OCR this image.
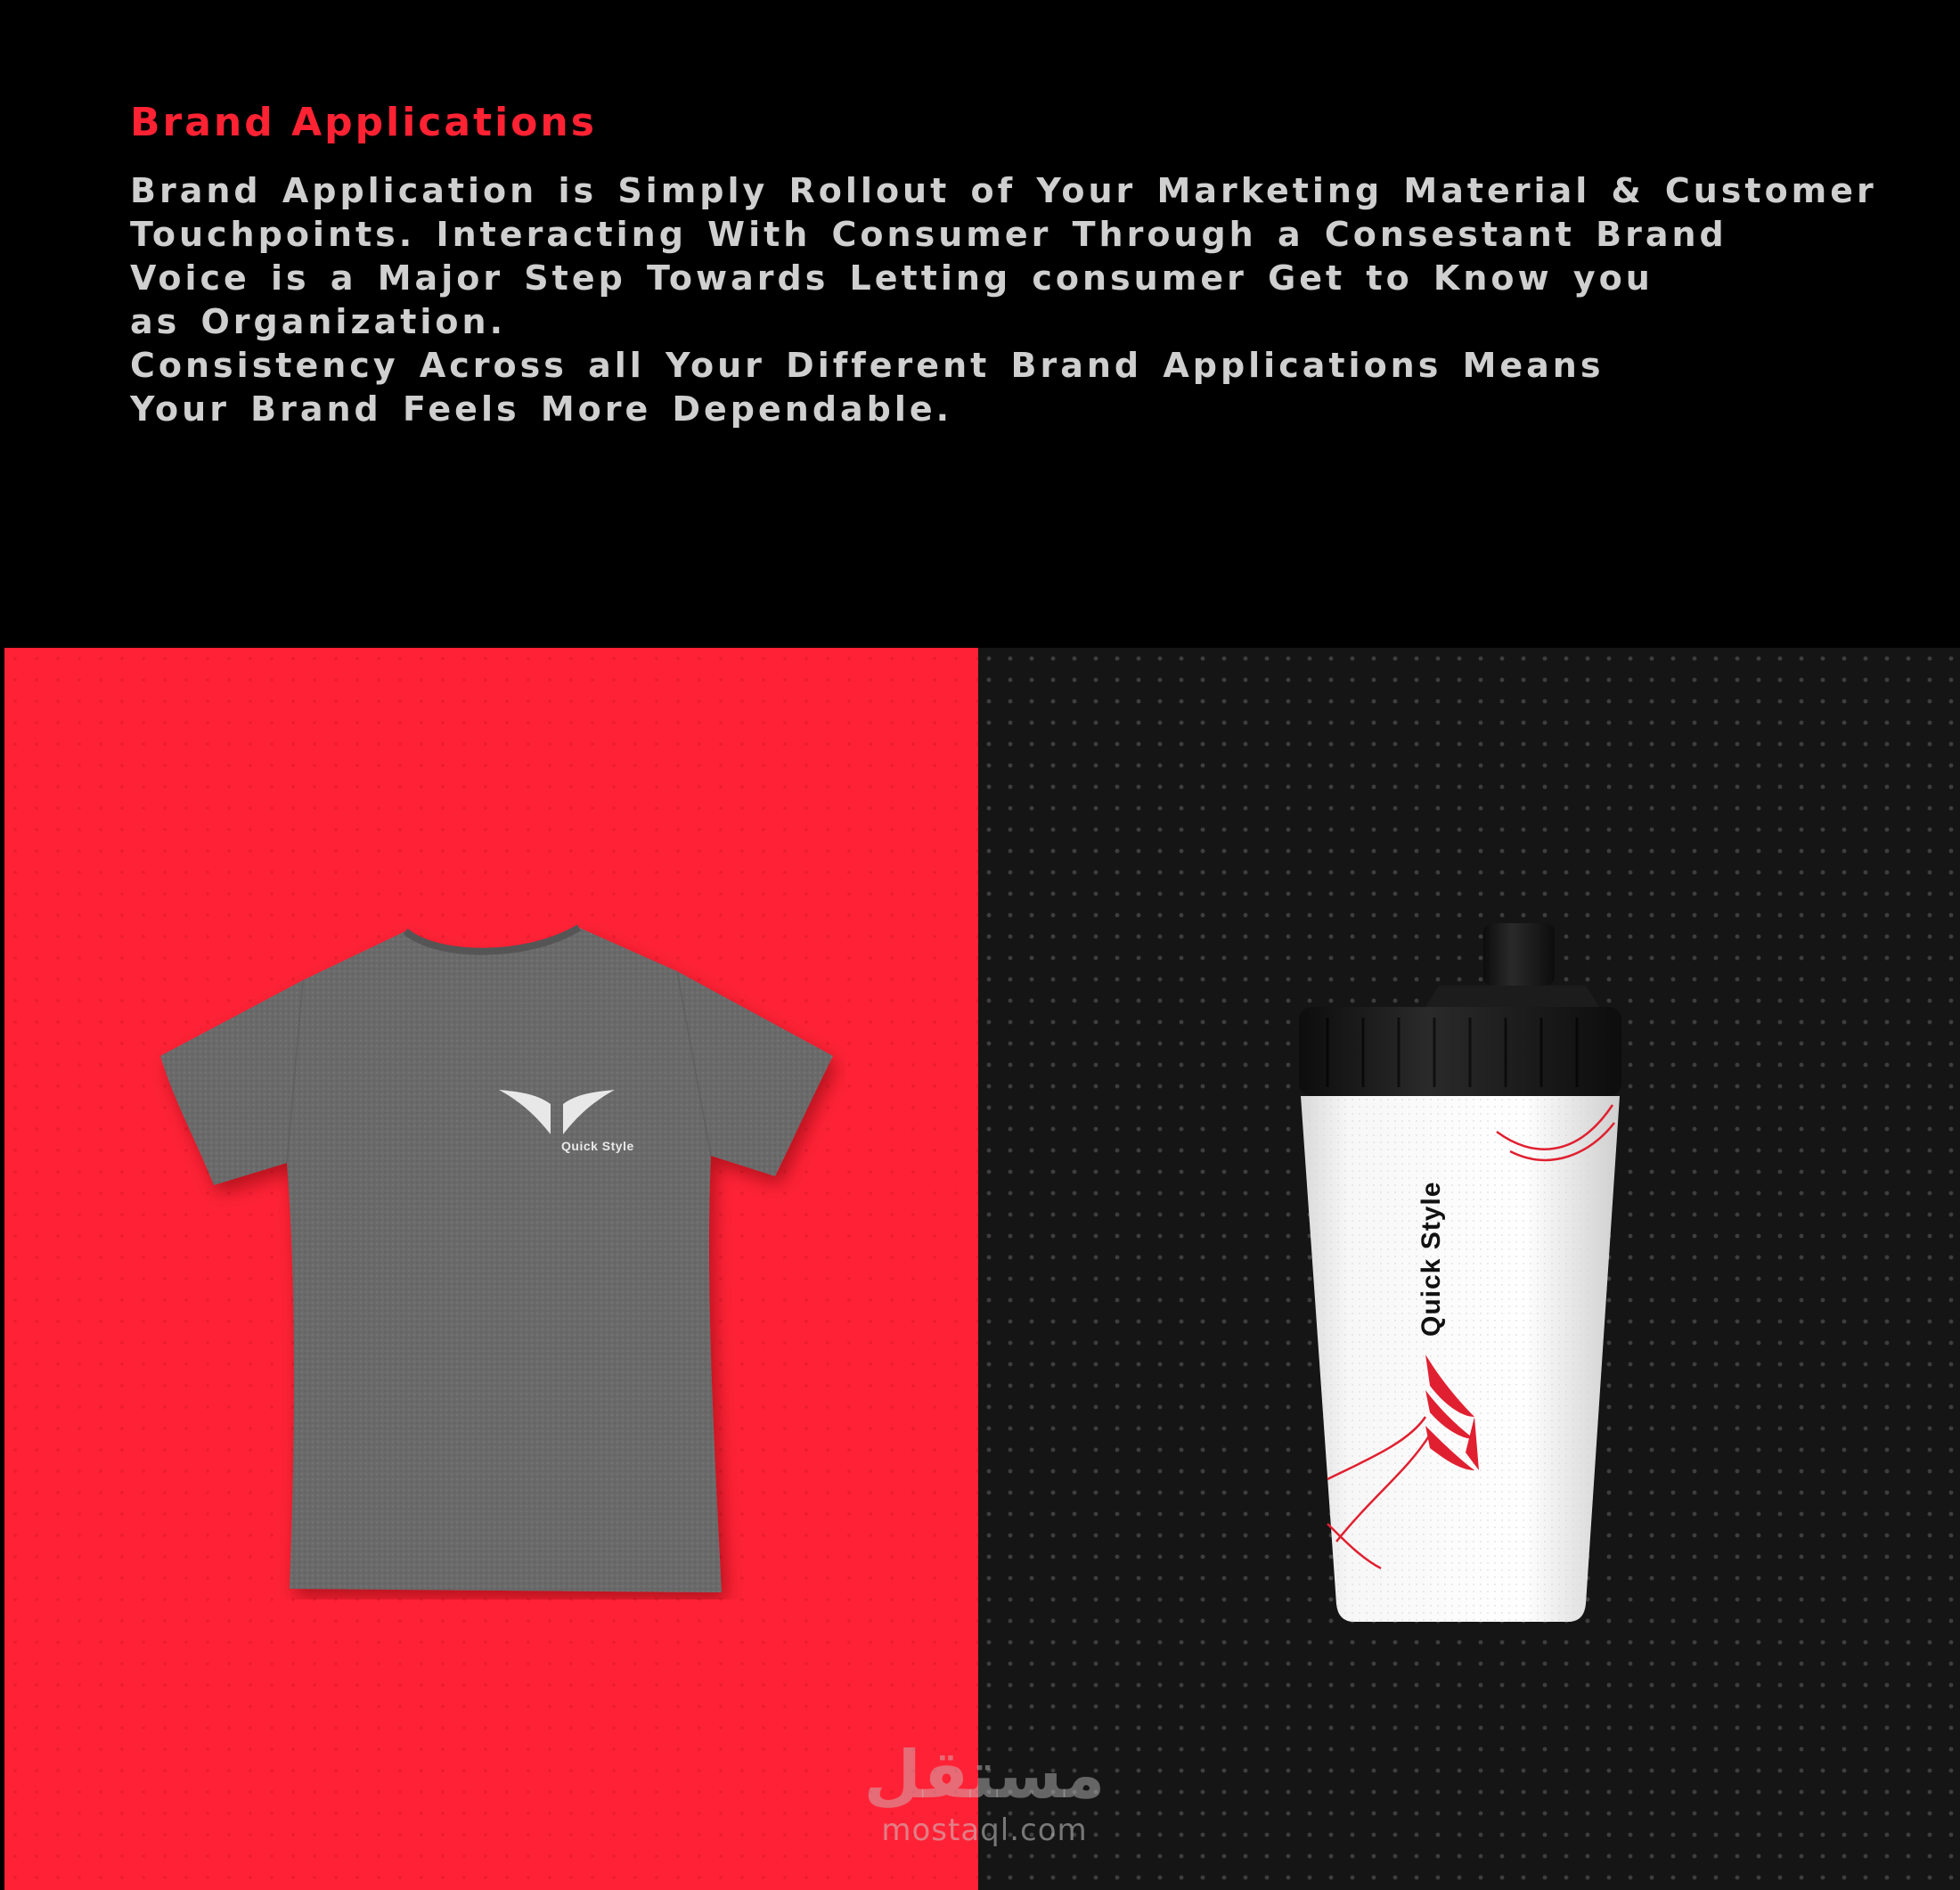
Brand Applications

Brand Application is Simply Rollout of Your Marketing Material & Customer

Touchpoints. Interacting With Consumer Through a Consestant Brand

Voice is a Major Step Towards Letting consumer Get to Know you

as Organization.

Consistency Across all Your Different Brand Applications Means

Your Brand Feels More Dependable.

Quick Style
Quick Style
مستقل
mostaql.com
